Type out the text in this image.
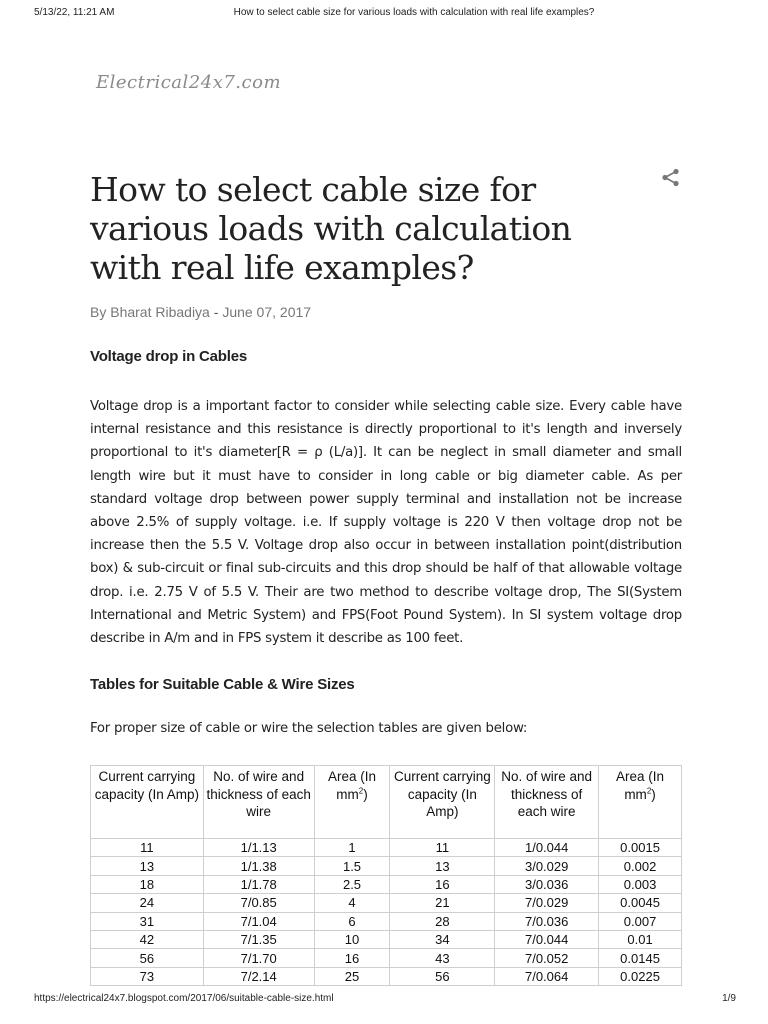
5/13/22, 11:21 AM	How to select cable size for various loads with calculation with real life examples?
Electrical24x7.com
How to select cable size for various loads with calculation with real life examples?
By Bharat Ribadiya - June 07, 2017
Voltage drop in Cables

Voltage drop is a important factor to consider while selecting cable size. Every cable have internal resistance and this resistance is directly proportional to it's length and inversely proportional to it's diameter[R = ρ (L/a)]. It can be neglect in small diameter and small length wire but it must have to consider in long cable or big diameter cable. As per standard voltage drop between power supply terminal and installation not be increase above 2.5% of supply voltage. i.e. If supply voltage is 220 V then voltage drop not be increase then the 5.5 V. Voltage drop also occur in between installation point(distribution box) & sub-circuit or final sub-circuits and this drop should be half of that allowable voltage drop. i.e. 2.75 V of 5.5 V. Their are two method to describe voltage drop, The SI(System International and Metric System) and FPS(Foot Pound System). In SI system voltage drop describe in A/m and in FPS system it describe as 100 feet.

Tables for Suitable Cable & Wire Sizes

For proper size of cable or wire the selection tables are given below:

Current carrying capacity (In Amp)	No. of wire and thickness of each wire	Area (In $mm^2$)	Current carrying capacity (In Amp)	No. of wire and thickness of each wire	Area (In $mm^2$)
11	1/1.13	1	11	1/0.044	0.0015
13	1/1.38	1.5	13	3/0.029	0.002
18	1/1.78	2.5	16	3/0.036	0.003
24	7/0.85	4	21	7/0.029	0.0045
31	7/1.04	6	28	7/0.036	0.007
42	7/1.35	10	34	7/0.044	0.01
56	7/1.70	16	43	7/0.052	0.0145
73	7/2.14	25	56	7/0.064	0.0225
https://electrical24x7.blogspot.com/2017/06/suitable-cable-size.html	1/9
